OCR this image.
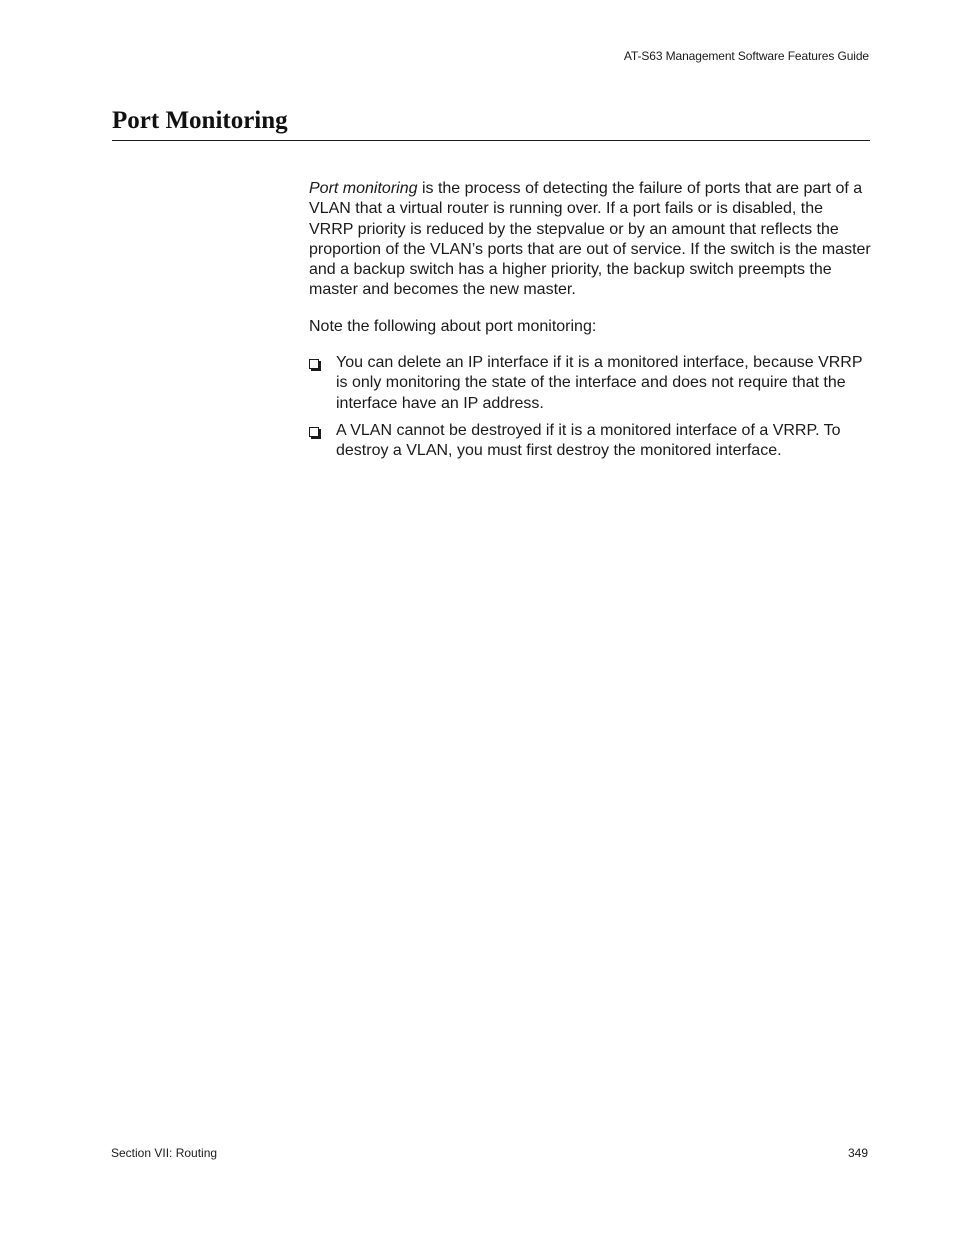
AT-S63 Management Software Features Guide
Port Monitoring

Port monitoring is the process of detecting the failure of ports that are part of a VLAN that a virtual router is running over. If a port fails or is disabled, the VRRP priority is reduced by the stepvalue or by an amount that reflects the proportion of the VLAN’s ports that are out of service. If the switch is the master and a backup switch has a higher priority, the backup switch preempts the master and becomes the new master.

Note the following about port monitoring:

You can delete an IP interface if it is a monitored interface, because VRRP is only monitoring the state of the interface and does not require that the interface have an IP address.
A VLAN cannot be destroyed if it is a monitored interface of a VRRP. To destroy a VLAN, you must first destroy the monitored interface.
Section VII: Routing	349
